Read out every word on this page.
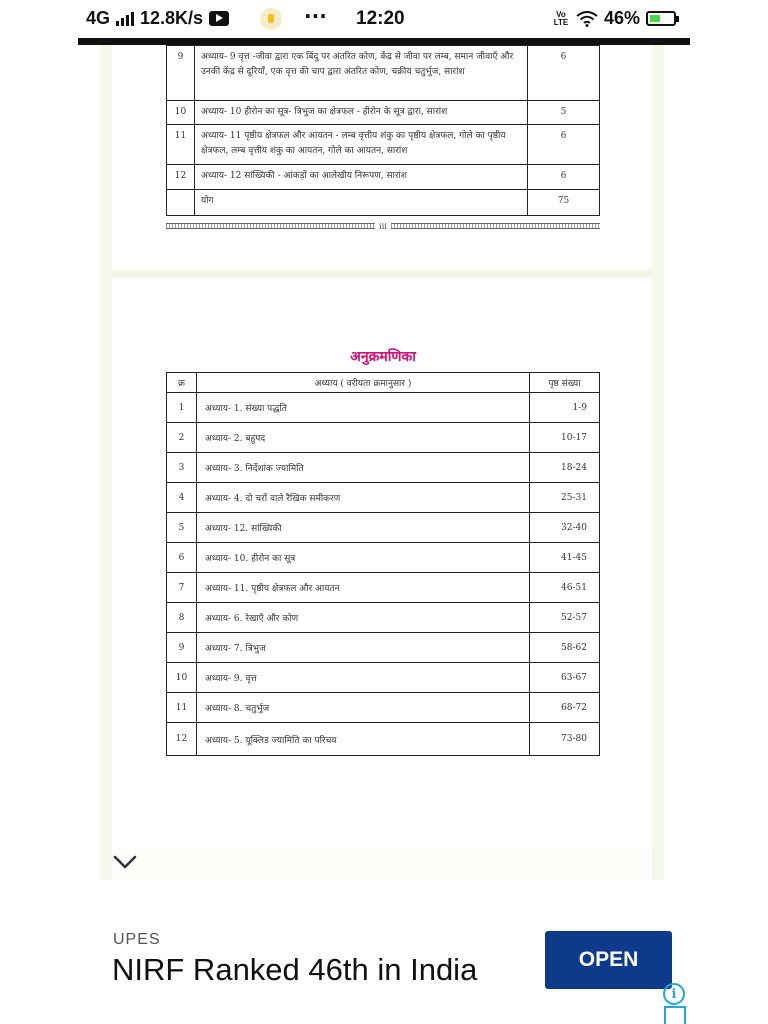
4G 12.8K/s	··· 12:20	Vo LTE 46%
9	अध्याय- 9 वृत्त -जीवा द्वारा एक बिंदु पर अंतरित कोण, केंद्र से जीवा पर लम्ब, समान जीवाएँ और उनकी केंद्र से दूरियाँ, एक वृत्त की चाप द्वारा अंतरित कोण, चक्रीय चतुर्भुज, सारांश	6
10	अध्याय- 10 हीरोन का सूत्र- त्रिभुज का क्षेत्रफल - हीरोन के सूत्र द्वारा, सारांश	5
11	अध्याय- 11 पृष्ठीय क्षेत्रफल और आयतन - लम्ब वृत्तीय शंकु का पृष्ठीय क्षेत्रफल, गोले का पृष्ठीय क्षेत्रफल, लम्ब वृत्तीय शंकु का आयतन, गोले का आयतन, सारांश	6
12	अध्याय- 12 सांख्यिकी - आंकड़ों का आलेखीय निरूपण, सारांश	6
	योग	75
iii
अनुक्रमणिका
क्र	अध्याय ( वरीयता क्रमानुसार )	पृष्ठ संख्या
1	अध्याय- 1. संख्या पद्धति	1-9
2	अध्याय- 2. बहुपद	10-17
3	अध्याय- 3. निर्देशांक ज्यामिति	18-24
4	अध्याय- 4. दो चरों वाले रैखिक समीकरण	25-31
5	अध्याय- 12. सांख्यिकी	32-40
6	अध्याय- 10. हीरोन का सूत्र	41-45
7	अध्याय- 11. पृष्ठीय क्षेत्रफल और आयतन	46-51
8	अध्याय- 6. रेखाएँ और कोण	52-57
9	अध्याय- 7. त्रिभुज	58-62
10	अध्याय- 9. वृत्त	63-67
11	अध्याय- 8. चतुर्भुज	68-72
12	अध्याय- 5. यूक्लिड ज्यामिति का परिचय	73-80
UPES
NIRF Ranked 46th in India	OPEN
i
